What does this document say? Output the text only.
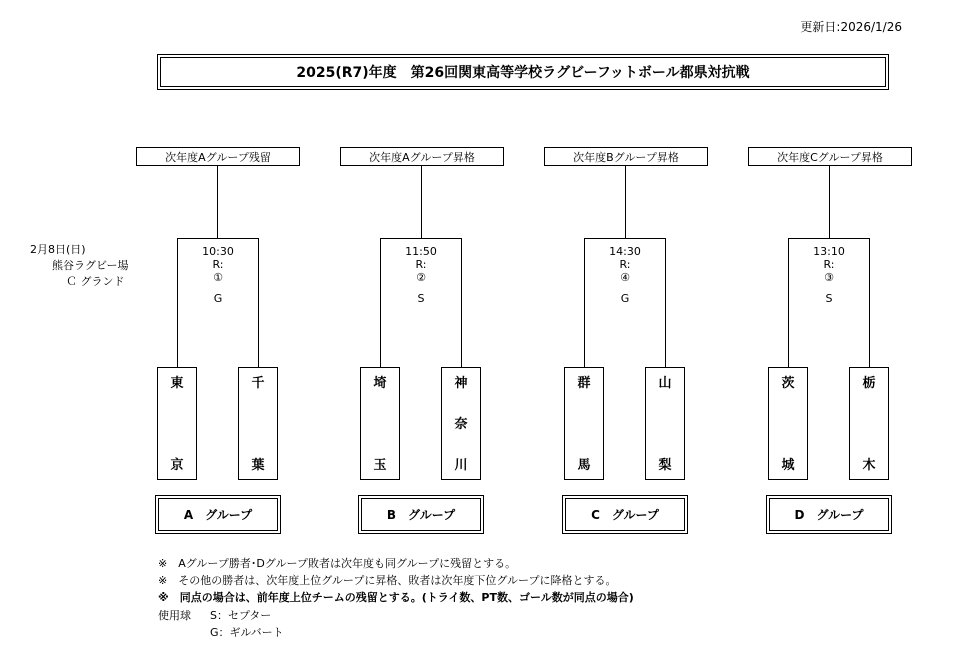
更新日:2026/1/26
2025(R7)年度　第26回関東高等学校ラグビーフットボール都県対抗戦
2月8日(日)
熊谷ラグビー場
Ｃ グランド
次年度Aグループ残留
10:30
R:
①
G
東
京
千
葉
A　グループ
次年度Aグループ昇格
11:50
R:
②
S
埼
玉
神
奈
川
B　グループ
次年度Bグループ昇格
14:30
R:
④
G
群
馬
山
梨
C　グループ
次年度Cグループ昇格
13:10
R:
③
S
茨
城
栃
木
D　グループ
※　Aグループ勝者･Dグループ敗者は次年度も同グループに残留とする。
※　その他の勝者は、次年度上位グループに昇格、敗者は次年度下位グループに降格とする。
※　同点の場合は、前年度上位チームの残留とする。(トライ数、PT数、ゴール数が同点の場合)
使用球 S：セプター
G：ギルバート
